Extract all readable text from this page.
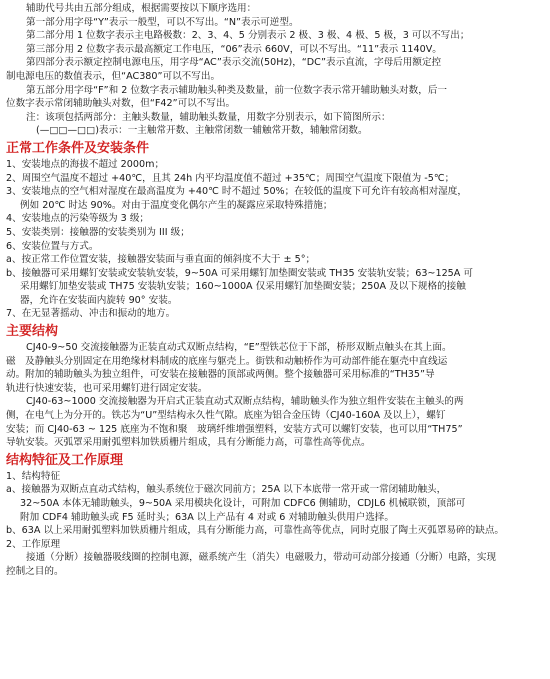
辅助代号共由五部分组成，根据需要按以下顺序选用：
第一部分用字母“Y”表示一般型，可以不写出。“N”表示可逆型。
第二部分用 1 位数字表示主电路极数：2、3、4、5 分别表示 2 极、3 极、4 极、5 极，3 可以不写出；
第三部分用 2 位数字表示最高额定工作电压，“06”表示 660V，可以不写出。“11”表示 1140V。
第四部分表示额定控制电源电压，用字母“AC”表示交流(50Hz)，“DC”表示直流，字母后用额定控
制电源电压的数值表示，但“AC380”可以不写出。
第五部分用字母“F”和 2 位数字表示辅助触头种类及数量，前一位数字表示常开辅助触头对数，后一
位数字表示常闭辅助触头对数，但“F42”可以不写出。
注：该项包括两部分：主触头数量，辅助触头数量，用数字分别表示，如下简图所示：
(—□□—□□)表示：一主触常开数、主触常闭数一辅触常开数，辅触常闭数。
正常工作条件及安装条件
1、安装地点的海拔不超过 2000m；
2、周围空气温度不超过 +40℃，且其 24h 内平均温度值不超过 +35℃；周围空气温度下限值为 -5℃；
3、安装地点的空气相对湿度在最高温度为 +40℃ 时不超过 50%；在较低的温度下可允许有较高相对湿度，
例如 20℃ 时达 90%。对由于温度变化偶尔产生的凝露应采取特殊措施；
4、安装地点的污染等级为 3 级；
5、安装类别：接触器的安装类别为 III 级；
6、安装位置与方式。
a、按正常工作位置安装，接触器安装面与垂直面的倾斜度不大于 ± 5°；
b、接触器可采用螺钉安装或安装轨安装，9~50A 可采用螺钉加垫圈安装或 TH35 安装轨安装；63~125A 可
采用螺钉加垫安装或 TH75 安装轨安装；160~1000A 仅采用螺钉加垫圈安装；250A 及以下规格的接触
器，允许在安装面内旋转 90° 安装。
7、在无显著摇动、冲击和振动的地方。
主要结构
CJ40-9~50 交流接触器为正装直动式双断点结构，“E”型铁芯位于下部，桥形双断点触头在其上面。
磁　及静触头分别固定在用绝缘材料制成的底座与躯壳上。街铁和动触桥作为可动部件能在躯壳中直线运
动。附加的辅助触头为独立组件，可安装在接触器的顶部或两侧。整个接触器可采用标准的“TH35”导
轨进行快速安装，也可采用螺钉进行固定安装。
CJ40-63~1000 交流接触器为开启式正装直动式双断点结构，辅助触头作为独立组件安装在主触头的两
侧，在电气上为分开的。铁芯为“U”型结构永久性气隙。底座为铝合金压铸（CJ40-160A 及以上），螺钉
安装；而 CJ40-63 ~ 125 底座为不饱和聚　玻璃纤维增强塑料，安装方式可以螺钉安装，也可以用“TH75”
导轨安装。灭弧罩采用耐弧塑料加铁质栅片组成，具有分断能力高，可靠性高等优点。
结构特征及工作原理
1、结构特征
a、接触器为双断点直动式结构，触头系统位于磁次同前方；25A 以下本底带一常开或一常闭辅助触头，
32~50A 本体无辅助触头，9~50A 采用模块化设计，可附加 CDFC6 侧辅助，CDJL6 机械联锁，顶部可
附加 CDF4 辅助触头或 F5 延时头；63A 以上产品有 4 对或 6 对辅助触头供用户选择。
b、63A 以上采用耐弧塑料加铁质栅片组成，具有分断能力高，可靠性高等优点，同时克服了陶土灭弧罩易碎的缺点。
2、工作原理
接通（分断）接触器吸线圈的控制电源，磁系统产生（消失）电磁吸力，带动可动部分接通（分断）电路，实现
控制之目的。
